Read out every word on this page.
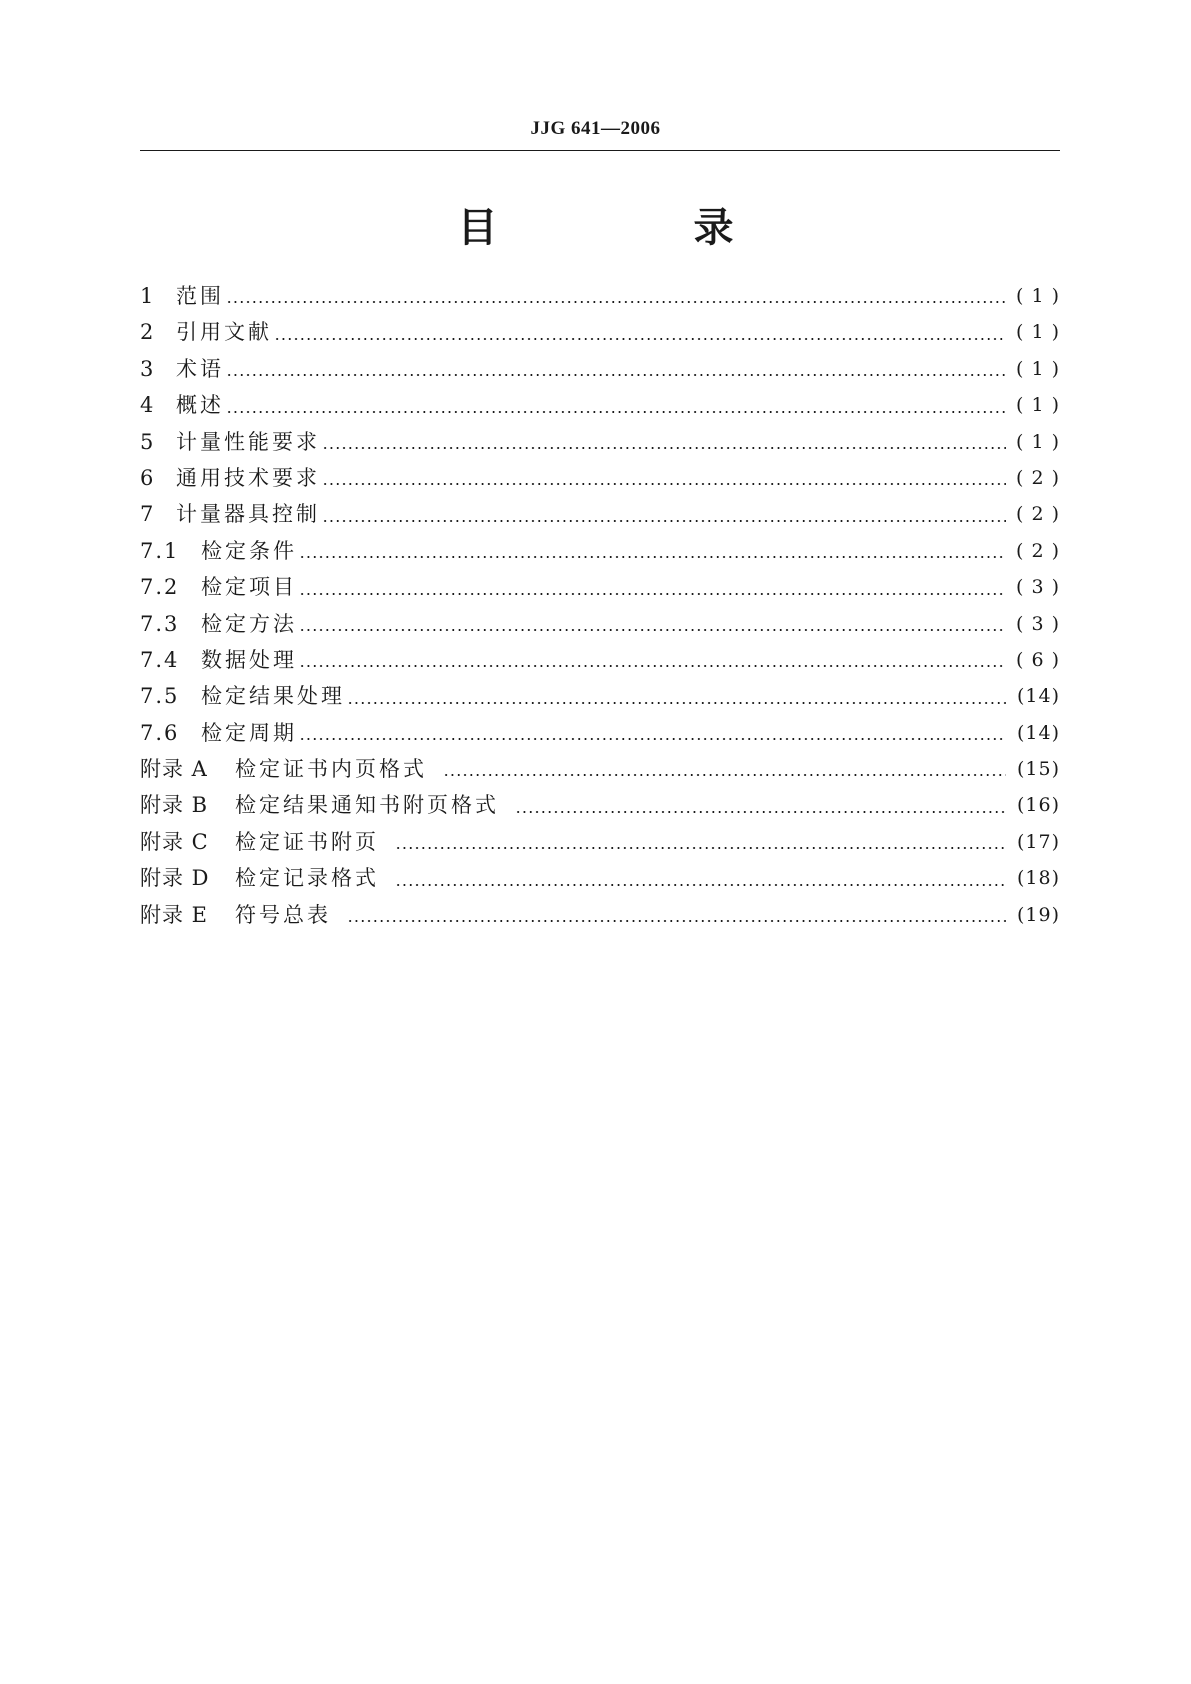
JJG 641—2006
目　录
1 范围	( 1 )
2 引用文献	( 1 )
3 术语	( 1 )
4 概述	( 1 )
5 计量性能要求	( 1 )
6 通用技术要求	( 2 )
7 计量器具控制	( 2 )
7.1	检定条件	( 2 )
7.2	检定项目	( 3 )
7.3	检定方法	( 3 )
7.4	数据处理	( 6 )
7.5	检定结果处理	(14)
7.6	检定周期	(14)
附录 A	检定证书内页格式	(15)
附录 B	检定结果通知书附页格式	(16)
附录 C	检定证书附页	(17)
附录 D	检定记录格式	(18)
附录 E	符号总表	(19)
